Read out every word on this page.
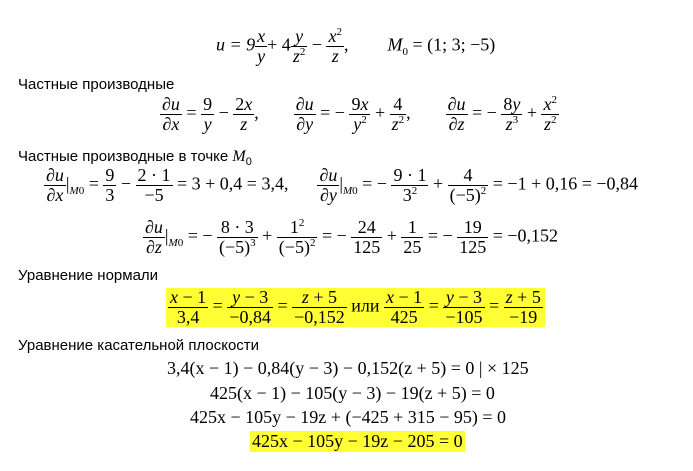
$u = 9 \frac{x}{y} + 4 \frac{y}{z^2} - \frac{x^2}{z}$ , $M_0 = (1$; 3; −5)
Частные производные
$\frac{\partial u}{\partial x} = \frac{9}{y} - \frac{2x}{z}$ , $\frac{\partial u}{\partial y}$ = − $\frac{9x}{y^2} + \frac{4}{z^2}$ , $\frac{\partial u}{\partial z}$ = − $\frac{8y}{z^3} + \frac{x^2}{z^2}$
Частные производные в точке $M_0$
$\frac{\partial u}{\partial x} |_{M0} = \frac{9}{3} - \frac{2 \cdot 1}{-5} = 3 + 0,4 = 3,4$, $\frac{\partial u}{\partial y} |_{M0}$ = − $\frac{9 \cdot 1}{3^2} + \frac{4}{(-5)^2} = -1 + 0,16 = -0,84$
$\frac{\partial u}{\partial z} |_{M0}$ = − $\frac{8 \cdot 3}{(-5)^3} + \frac{1^2}{(-5)^2}$ = − $\frac{24}{125} + \frac{1}{25}$ = − $\frac{19}{125} = -0,152$
Уравнение нормали
$\frac{x - 1}{3,4} = \frac{y - 3}{-0,84} = \frac{z + 5}{-0,152}$ или $\frac{x - 1}{425} = \frac{y - 3}{-105} = \frac{z + 5}{-19}$
Уравнение касательной плоскости
3,4(x − 1) − 0,84(y − 3) − 0,152(z + 5) = 0 | × 125
425(x − 1) − 105(y − 3) − 19(z + 5) = 0
425x − 105y − 19z + (−425 + 315 − 95) = 0
425x − 105y − 19z − 205 = 0
